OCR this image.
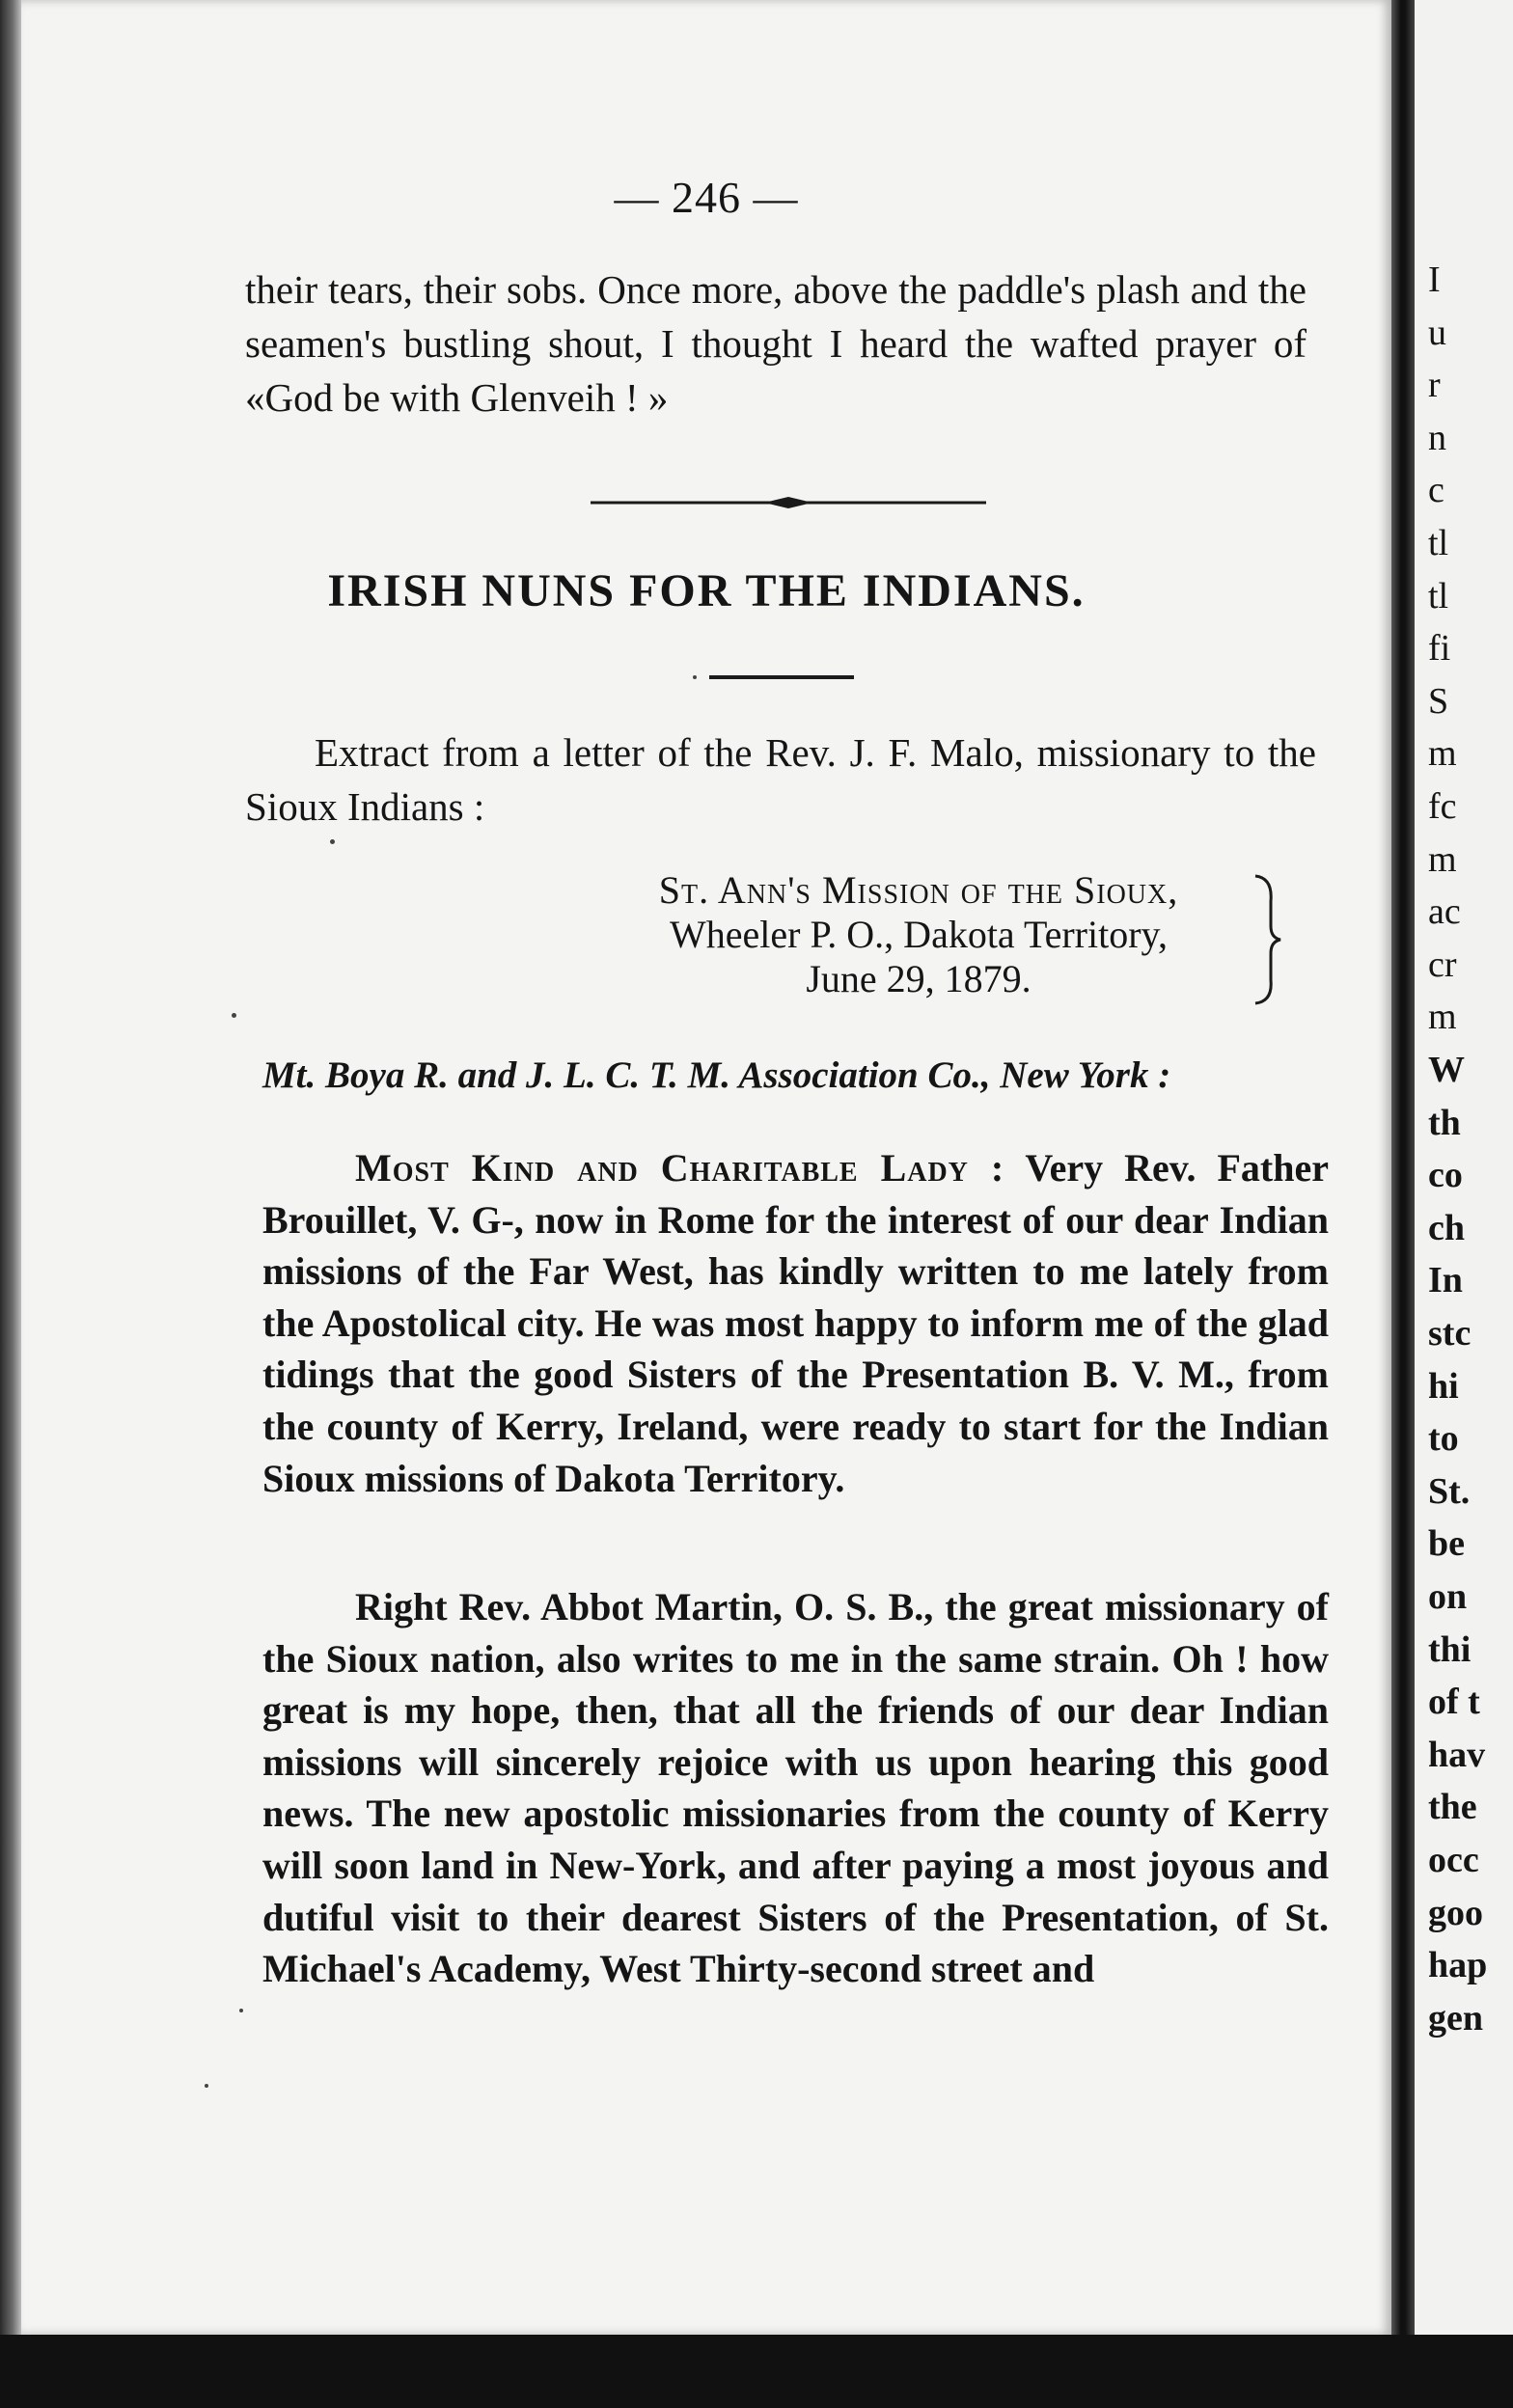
— 246 —

their tears, their sobs. Once more, above the paddle's plash and the seamen's bustling shout, I thought I heard the wafted prayer of «God be with Glenveih ! »

IRISH NUNS FOR THE INDIANS.

Extract from a letter of the Rev. J. F. Malo, missionary to the Sioux Indians :

St. Ann's Mission of the Sioux,
Wheeler P. O., Dakota Territory,
June 29, 1879.
Mt. Boya R. and J. L. C. T. M. Association Co., New York :

Most Kind and Charitable Lady : Very Rev. Father Brouillet, V. G-, now in Rome for the interest of our dear Indian missions of the Far West, has kindly written to me lately from the Apostolical city. He was most happy to inform me of the glad tidings that the good Sisters of the Presentation B. V. M., from the county of Kerry, Ireland, were ready to start for the Indian Sioux missions of Dakota Territory.

Right Rev. Abbot Martin, O. S. B., the great missionary of the Sioux nation, also writes to me in the same strain. Oh ! how great is my hope, then, that all the friends of our dear Indian missions will sincerely rejoice with us upon hearing this good news. The new apostolic missionaries from the county of Kerry will soon land in New-York, and after paying a most joyous and dutiful visit to their dearest Sisters of the Presentation, of St. Michael's Academy, West Thirty-second street and

I
u
r
n
c
tl
tl
fi
S
m
fc
m
ac
cr
m
W
th
co
ch
In
stc
hi
to
St.
be
on
thi
of t
hav
the
occ
goo
hap
gen
